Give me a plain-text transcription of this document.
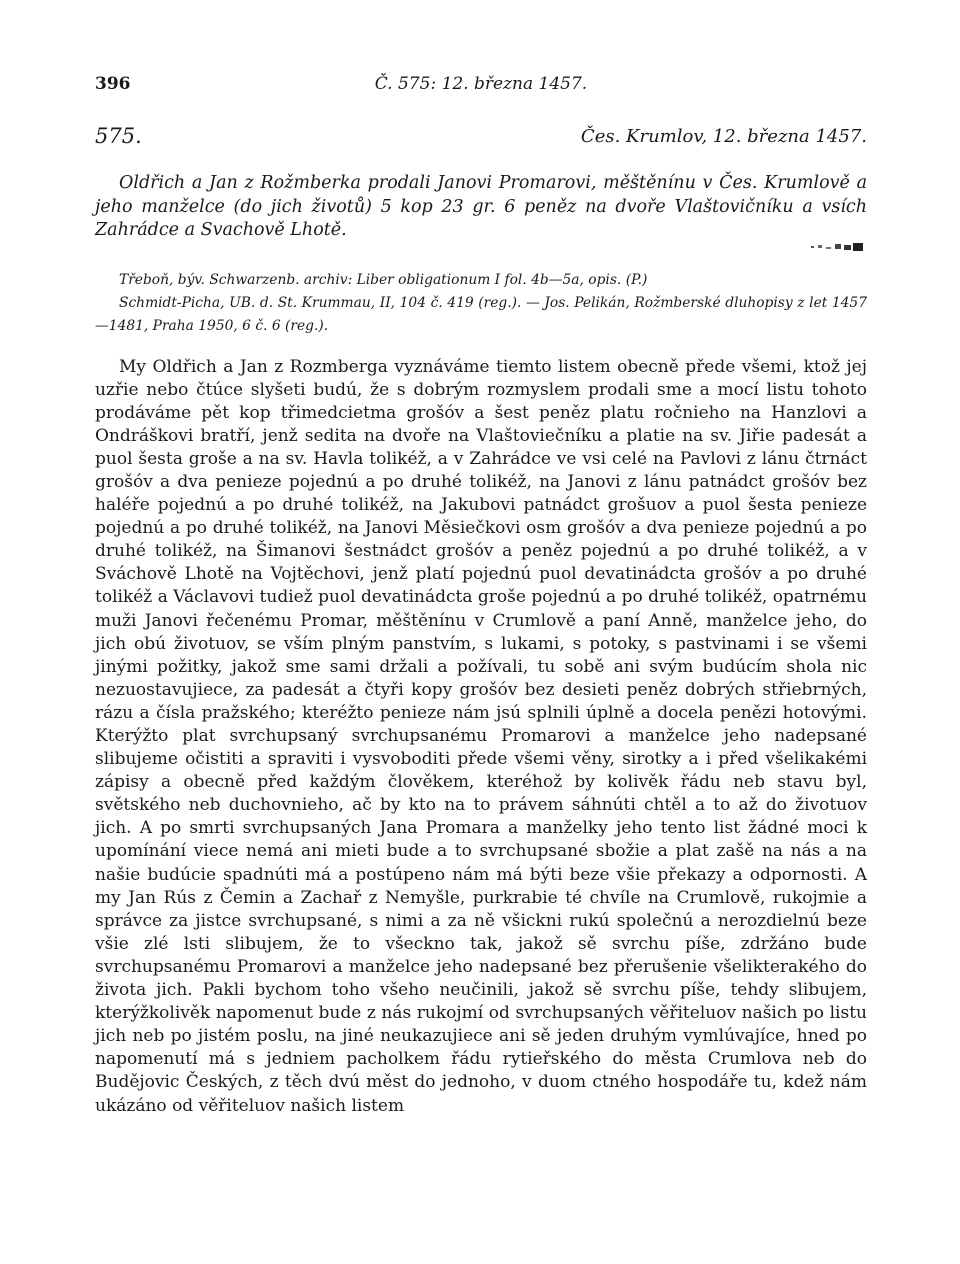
396	Č. 575: 12. března 1457.
575.	Čes. Krumlov, 12. března 1457.
Oldřich a Jan z Rožmberka prodali Janovi Promarovi, měštěnínu v Čes. Krumlově a jeho manželce (do jich životů) 5 kop 23 gr. 6 peněz na dvoře Vlaštovičníku a vsích Zahrádce a Svachově Lhotě.
Třeboň, býv. Schwarzenb. archiv: Liber obligationum I fol. 4b—5a, opis. (P.)
Schmidt-Picha, UB. d. St. Krummau, II, 104 č. 419 (reg.). — Jos. Pelikán, Rožmberské dluhopisy z let 1457—1481, Praha 1950, 6 č. 6 (reg.).
My Oldřich a Jan z Rozmberga vyznáváme tiemto listem obecně přede všemi, ktož jej uzřie nebo čtúce slyšeti budú, že s dobrým rozmyslem prodali sme a mocí listu tohoto prodáváme pět kop třimedcietma grošóv a šest peněz platu ročnieho na Hanzlovi a Ondráškovi bratří, jenž sedita na dvoře na Vlaštoviečníku a platie na sv. Jiřie padesát a puol šesta groše a na sv. Havla tolikéž, a v Zahrádce ve vsi celé na Pavlovi z lánu čtrnáct grošóv a dva penieze pojednú a po druhé tolikéž, na Janovi z lánu patnádct grošóv bez haléře pojednú a po druhé tolikéž, na Jakubovi patnádct grošuov a puol šesta penieze pojednú a po druhé tolikéž, na Janovi Měsiečkovi osm grošóv a dva penieze pojednú a po druhé tolikéž, na Šimanovi šestnádct grošóv a peněz pojednú a po druhé tolikéž, a v Sváchově Lhotě na Vojtěchovi, jenž platí pojednú puol devatinádcta grošóv a po druhé tolikéž a Václavovi tudiež puol devatinádcta groše pojednú a po druhé tolikéž, opatrnému muži Janovi řečenému Promar, měštěnínu v Crumlově a paní Anně, manželce jeho, do jich obú životuov, se vším plným panstvím, s lukami, s potoky, s pastvinami i se všemi jinými požitky, jakož sme sami držali a požívali, tu sobě ani svým budúcím shola nic nezuostavujiece, za padesát a čtyři kopy grošóv bez desieti peněz dobrých střiebrných, rázu a čísla pražského; kteréžto penieze nám jsú splnili úplně a docela penězi hotovými. Kterýžto plat svrchupsaný svrchupsanému Promarovi a manželce jeho nadepsané slibujeme očistiti a spraviti i vysvoboditi přede všemi věny, sirotky a i před všelikakémi zápisy a obecně před každým člověkem, kteréhož by kolivěk řádu neb stavu byl, světského neb duchovnieho, ač by kto na to právem sáhnúti chtěl a to až do životuov jich. A po smrti svrchupsaných Jana Promara a manželky jeho tento list žádné moci k upomínání viece nemá ani mieti bude a to svrchupsané sbožie a plat zašě na nás a na našie budúcie spadnúti má a postúpeno nám má býti beze všie překazy a odpornosti. A my Jan Rús z Čemin a Zachař z Nemyšle, purkrabie té chvíle na Crumlově, rukojmie a správce za jistce svrchupsané, s nimi a za ně všicknі rukú společnú a nerozdielnú beze všie zlé lsti slibujem, že to všeckno tak, jakož sě svrchu píše, zdržáno bude svrchupsanému Promarovi a manželce jeho nadepsané bez přerušenie všelikterakého do života jich. Pakli bychom toho všeho neučinili, jakož sě svrchu píše, tehdy slibujem, kterýžkolivěk napomenut bude z nás rukojmí od svrchupsaných věřiteluov našich po listu jich neb po jistém poslu, na jiné neukazujiece ani sě jeden druhým vymlúvajíce, hned po napomenutí má s jedniem pacholkem řádu rytieřského do města Crumlova neb do Budějovic Českých, z těch dvú měst do jednoho, v duom ctného hospodáře tu, kdež nám ukázáno od věřiteluov našich listem
